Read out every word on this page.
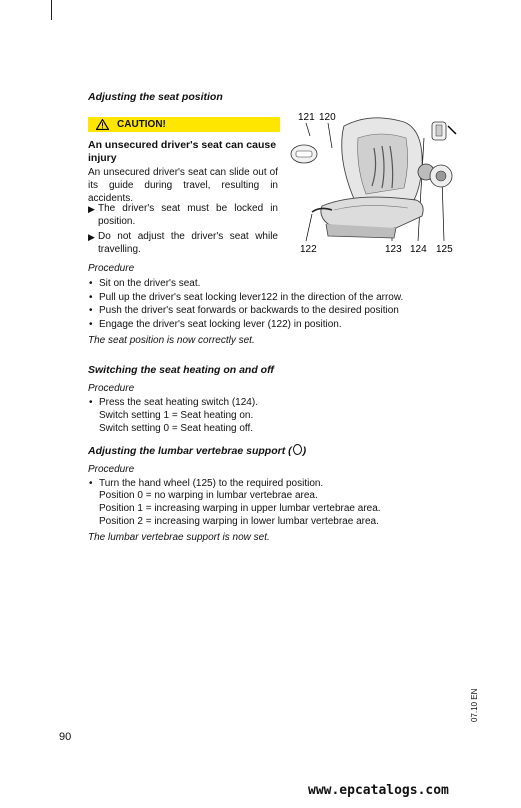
Adjusting the seat position
CAUTION!
An unsecured driver's seat can cause injury
An unsecured driver's seat can slide out of its guide during travel, resulting in accidents.
▶ The driver's seat must be locked in position.
▶ Do not adjust the driver's seat while travelling.
121 120
122	123 124 125
Procedure
• Sit on the driver's seat.
• Pull up the driver's seat locking lever122 in the direction of the arrow.
• Push the driver's seat forwards or backwards to the desired position
• Engage the driver's seat locking lever (122) in position.
The seat position is now correctly set.
Switching the seat heating on and off
Procedure
• Press the seat heating switch (124).
Switch setting 1 = Seat heating on.
Switch setting 0 = Seat heating off.
Adjusting the lumbar vertebrae support ( )
Procedure
• Turn the hand wheel (125) to the required position.
Position 0 = no warping in lumbar vertebrae area.
Position 1 = increasing warping in upper lumbar vertebrae area.
Position 2 = increasing warping in lower lumbar vertebrae area.
The lumbar vertebrae support is now set.
07.10 EN
90
www.epcatalogs.com
